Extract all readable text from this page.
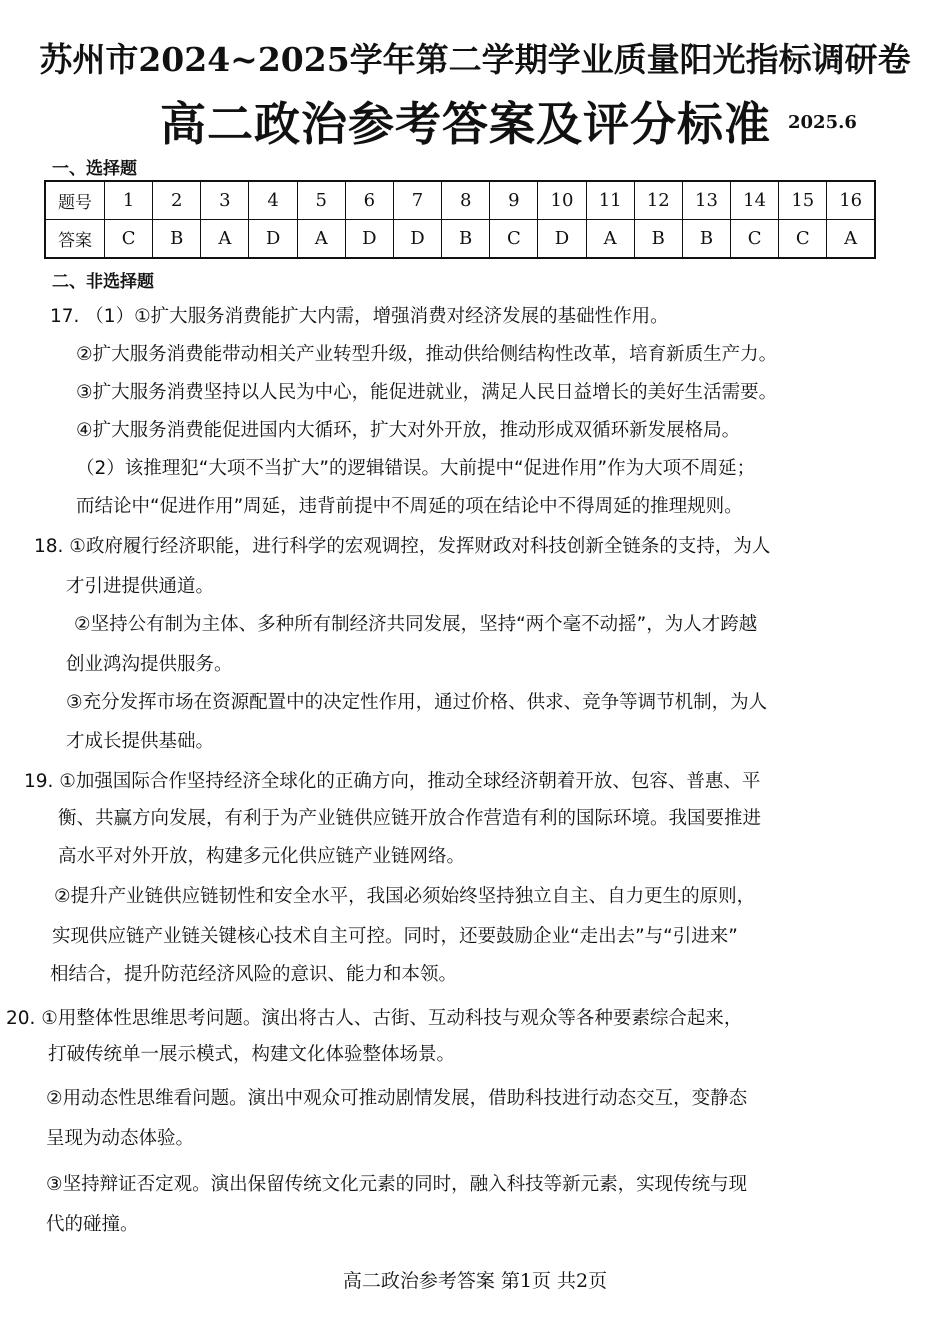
苏州市2024~2025学年第二学期学业质量阳光指标调研卷
高二政治参考答案及评分标准 2025.6
一、选择题
题号	1	2	3	4	5	6	7	8	9	10	11	12	13	14	15	16
答案	C	B	A	D	A	D	D	B	C	D	A	B	B	C	C	A
二、非选择题
17. （1）①扩大服务消费能扩大内需，增强消费对经济发展的基础性作用。
②扩大服务消费能带动相关产业转型升级，推动供给侧结构性改革，培育新质生产力。
③扩大服务消费坚持以人民为中心，能促进就业，满足人民日益增长的美好生活需要。
④扩大服务消费能促进国内大循环，扩大对外开放，推动形成双循环新发展格局。
（2）该推理犯“大项不当扩大”的逻辑错误。大前提中“促进作用”作为大项不周延；
而结论中“促进作用”周延，违背前提中不周延的项在结论中不得周延的推理规则。
18. ①政府履行经济职能，进行科学的宏观调控，发挥财政对科技创新全链条的支持，为人
才引进提供通道。
②坚持公有制为主体、多种所有制经济共同发展，坚持“两个毫不动摇”，为人才跨越
创业鸿沟提供服务。
③充分发挥市场在资源配置中的决定性作用，通过价格、供求、竞争等调节机制，为人
才成长提供基础。
19. ①加强国际合作坚持经济全球化的正确方向，推动全球经济朝着开放、包容、普惠、平
衡、共赢方向发展，有利于为产业链供应链开放合作营造有利的国际环境。我国要推进
高水平对外开放，构建多元化供应链产业链网络。
②提升产业链供应链韧性和安全水平，我国必须始终坚持独立自主、自力更生的原则，
实现供应链产业链关键核心技术自主可控。同时，还要鼓励企业“走出去”与“引进来”
相结合，提升防范经济风险的意识、能力和本领。
20. ①用整体性思维思考问题。演出将古人、古街、互动科技与观众等各种要素综合起来，
打破传统单一展示模式，构建文化体验整体场景。
②用动态性思维看问题。演出中观众可推动剧情发展，借助科技进行动态交互，变静态
呈现为动态体验。
③坚持辩证否定观。演出保留传统文化元素的同时，融入科技等新元素，实现传统与现
代的碰撞。
高二政治参考答案 第1页 共2页
